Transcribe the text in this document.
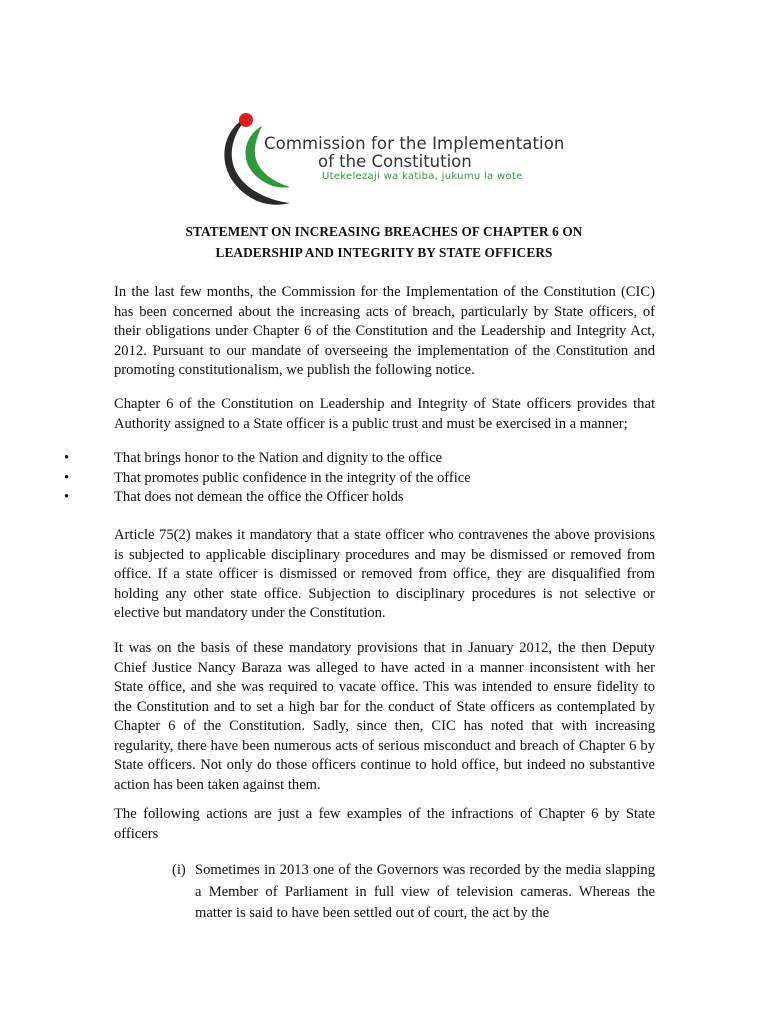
Commission for the Implementation
of the Constitution
Utekelezaji wa katiba, jukumu la wote
STATEMENT ON INCREASING BREACHES OF CHAPTER 6 ON
LEADERSHIP AND INTEGRITY BY STATE OFFICERS

In the last few months, the Commission for the Implementation of the Constitution (CIC) has been concerned about the increasing acts of breach, particularly by State officers, of their obligations under Chapter 6 of the Constitution and the Leadership and Integrity Act, 2012. Pursuant to our mandate of overseeing the implementation of the Constitution and promoting constitutionalism, we publish the following notice.

Chapter 6 of the Constitution on Leadership and Integrity of State officers provides that Authority assigned to a State officer is a public trust and must be exercised in a manner;

•	That brings honor to the Nation and dignity to the office
•	That promotes public confidence in the integrity of the office
•	That does not demean the office the Officer holds

Article 75(2) makes it mandatory that a state officer who contravenes the above provisions is subjected to applicable disciplinary procedures and may be dismissed or removed from office. If a state officer is dismissed or removed from office, they are disqualified from holding any other state office. Subjection to disciplinary procedures is not selective or elective but mandatory under the Constitution.

It was on the basis of these mandatory provisions that in January 2012, the then Deputy Chief Justice Nancy Baraza was alleged to have acted in a manner inconsistent with her State office, and she was required to vacate office. This was intended to ensure fidelity to the Constitution and to set a high bar for the conduct of State officers as contemplated by Chapter 6 of the Constitution. Sadly, since then, CIC has noted that with increasing regularity, there have been numerous acts of serious misconduct and breach of Chapter 6 by State officers. Not only do those officers continue to hold office, but indeed no substantive action has been taken against them.

The following actions are just a few examples of the infractions of Chapter 6 by State officers

(i) Sometimes in 2013 one of the Governors was recorded by the media slapping a Member of Parliament in full view of television cameras. Whereas the matter is said to have been settled out of court, the act by the
